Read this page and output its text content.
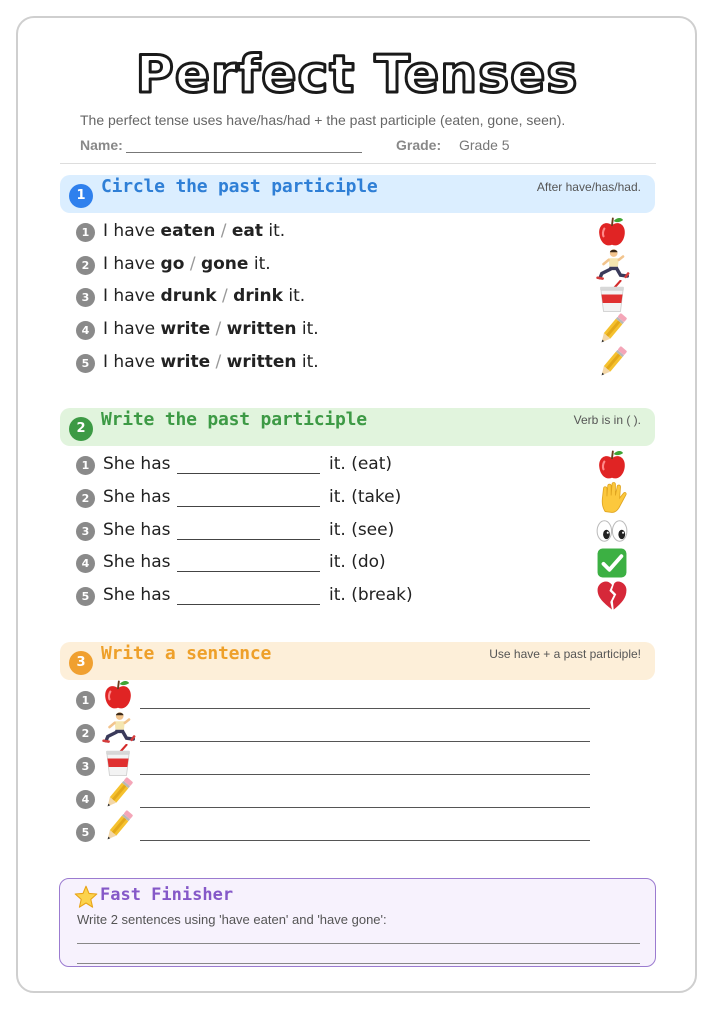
Perfect Tenses
The perfect tense uses have/has/had + the past participle (eaten, gone, seen).
Name:	Grade: Grade 5
1 Circle the past participle	After have/has/had.
1 I have eaten / eat it.
2 I have go / gone it.
3 I have drunk / drink it.
4 I have write / written it.
5 I have write / written it.
2 Write the past participle	Verb is in ( ).
1 She has	it. (eat)
2 She has	it. (take)
3 She has	it. (see)
4 She has	it. (do)
5 She has	it. (break)
3 Write a sentence	Use have + a past participle!
1
2
3
4
5
Fast Finisher
Write 2 sentences using 'have eaten' and 'have gone':
